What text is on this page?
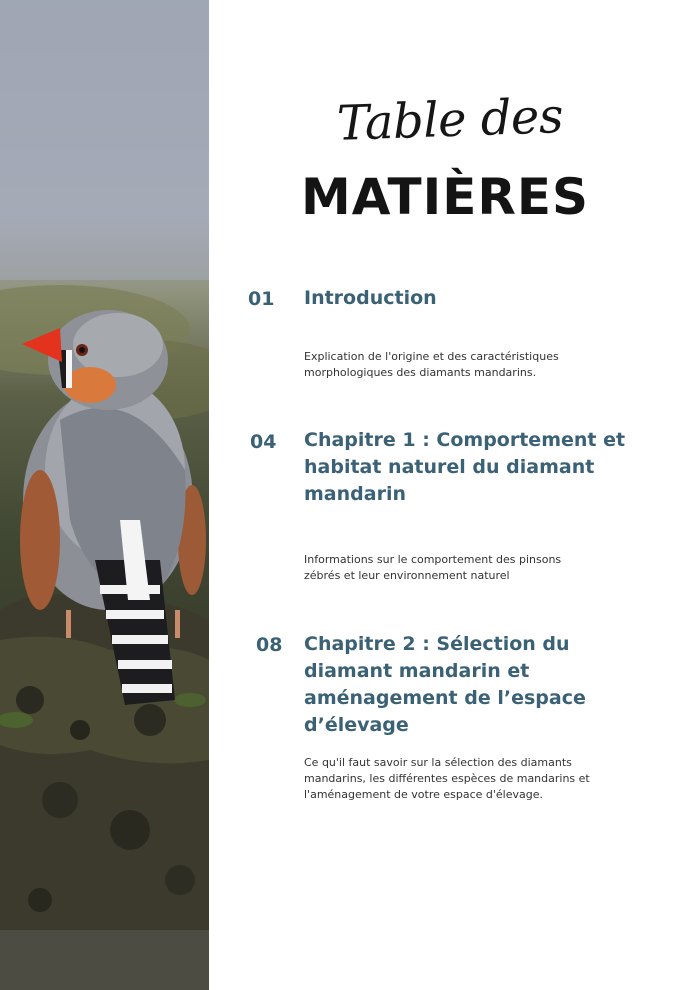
Table des
MATIÈRES
01 Introduction
Explication de l'origine et des caractéristiques morphologiques des diamants mandarins.
04 Chapitre 1 : Comportement et habitat naturel du diamant mandarin
Informations sur le comportement des pinsons zébrés et leur environnement naturel
08 Chapitre 2 : Sélection du diamant mandarin et aménagement de l’espace d’élevage
Ce qu'il faut savoir sur la sélection des diamants mandarins, les différentes espèces de mandarins et l'aménagement de votre espace d'élevage.
